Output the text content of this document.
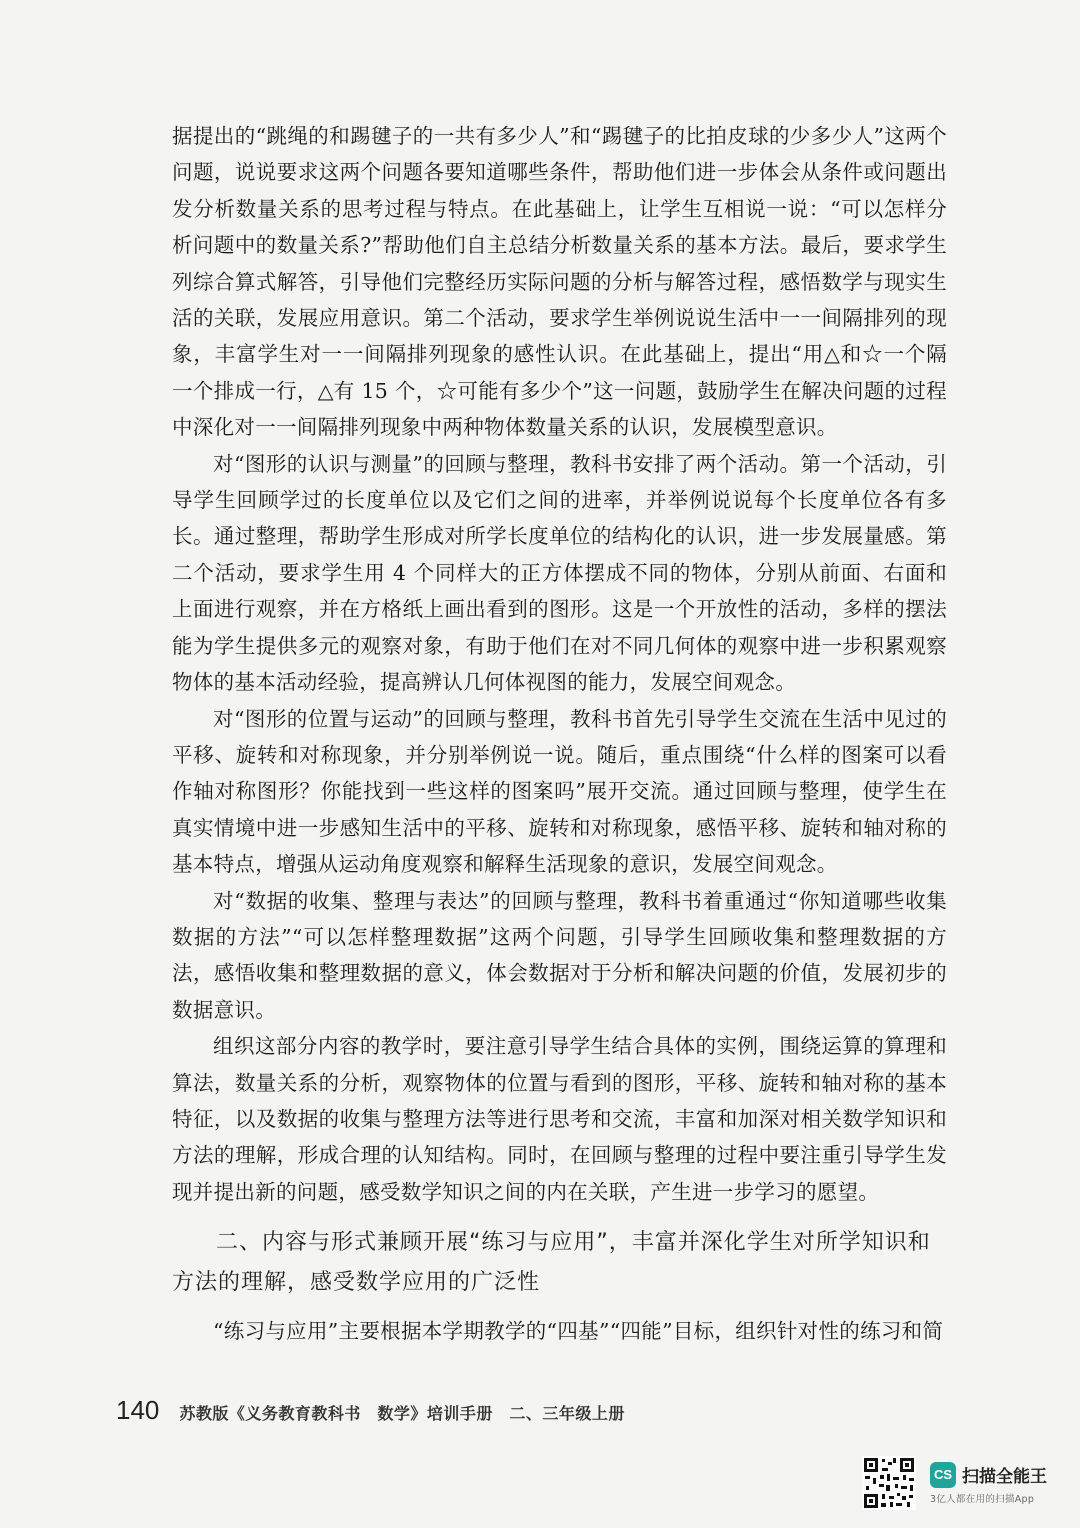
据提出的“跳绳的和踢毽子的一共有多少人”和“踢毽子的比拍皮球的少多少人”这两个问题，说说要求这两个问题各要知道哪些条件，帮助他们进一步体会从条件或问题出发分析数量关系的思考过程与特点。在此基础上，让学生互相说一说：“可以怎样分析问题中的数量关系?”帮助他们自主总结分析数量关系的基本方法。最后，要求学生列综合算式解答，引导他们完整经历实际问题的分析与解答过程，感悟数学与现实生活的关联，发展应用意识。第二个活动，要求学生举例说说生活中一一间隔排列的现象，丰富学生对一一间隔排列现象的感性认识。在此基础上，提出“用△和☆一个隔一个排成一行，△有 15 个，☆可能有多少个”这一问题，鼓励学生在解决问题的过程中深化对一一间隔排列现象中两种物体数量关系的认识，发展模型意识。

对“图形的认识与测量”的回顾与整理，教科书安排了两个活动。第一个活动，引导学生回顾学过的长度单位以及它们之间的进率，并举例说说每个长度单位各有多长。通过整理，帮助学生形成对所学长度单位的结构化的认识，进一步发展量感。第二个活动，要求学生用 4 个同样大的正方体摆成不同的物体，分别从前面、右面和上面进行观察，并在方格纸上画出看到的图形。这是一个开放性的活动，多样的摆法能为学生提供多元的观察对象，有助于他们在对不同几何体的观察中进一步积累观察物体的基本活动经验，提高辨认几何体视图的能力，发展空间观念。

对“图形的位置与运动”的回顾与整理，教科书首先引导学生交流在生活中见过的平移、旋转和对称现象，并分别举例说一说。随后，重点围绕“什么样的图案可以看作轴对称图形？你能找到一些这样的图案吗”展开交流。通过回顾与整理，使学生在真实情境中进一步感知生活中的平移、旋转和对称现象，感悟平移、旋转和轴对称的基本特点，增强从运动角度观察和解释生活现象的意识，发展空间观念。

对“数据的收集、整理与表达”的回顾与整理，教科书着重通过“你知道哪些收集数据的方法”“可以怎样整理数据”这两个问题，引导学生回顾收集和整理数据的方法，感悟收集和整理数据的意义，体会数据对于分析和解决问题的价值，发展初步的数据意识。

组织这部分内容的教学时，要注意引导学生结合具体的实例，围绕运算的算理和算法，数量关系的分析，观察物体的位置与看到的图形，平移、旋转和轴对称的基本特征，以及数据的收集与整理方法等进行思考和交流，丰富和加深对相关数学知识和方法的理解，形成合理的认知结构。同时，在回顾与整理的过程中要注重引导学生发现并提出新的问题，感受数学知识之间的内在关联，产生进一步学习的愿望。

二、内容与形式兼顾开展“练习与应用”，丰富并深化学生对所学知识和方法的理解，感受数学应用的广泛性

“练习与应用”主要根据本学期教学的“四基”“四能”目标，组织针对性的练习和简

140 苏教版《义务教育教科书　数学》培训手册　二、三年级上册
CS 扫描全能王
3亿人都在用的扫描App
